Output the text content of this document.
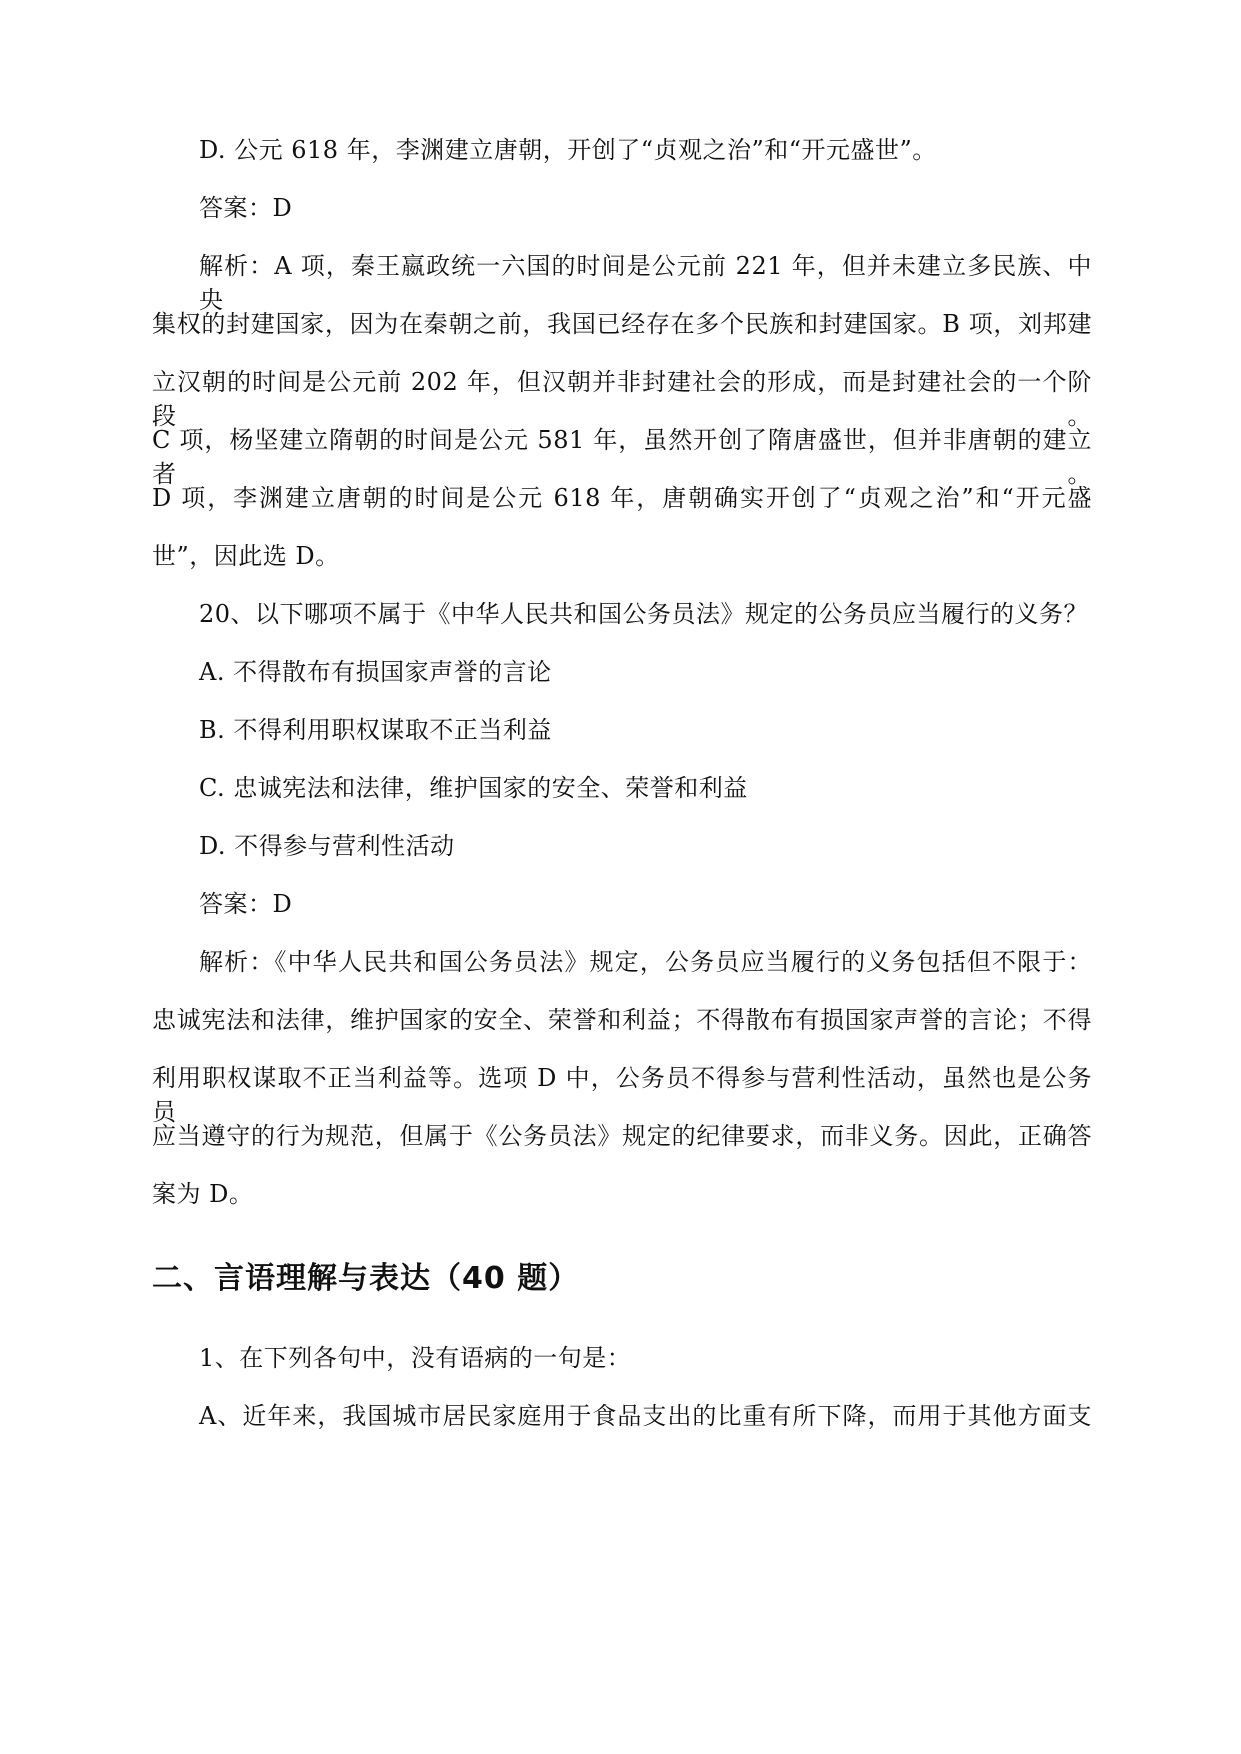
D. 公元 618 年，李渊建立唐朝，开创了“贞观之治”和“开元盛世”。
答案：D
解析：A 项，秦王嬴政统一六国的时间是公元前 221 年，但并未建立多民族、中央
集权的封建国家，因为在秦朝之前，我国已经存在多个民族和封建国家。B 项，刘邦建
立汉朝的时间是公元前 202 年，但汉朝并非封建社会的形成，而是封建社会的一个阶段。
C 项，杨坚建立隋朝的时间是公元 581 年，虽然开创了隋唐盛世，但并非唐朝的建立者。
D 项，李渊建立唐朝的时间是公元 618 年，唐朝确实开创了“贞观之治”和“开元盛
世”，因此选 D。
20、以下哪项不属于《中华人民共和国公务员法》规定的公务员应当履行的义务？
A. 不得散布有损国家声誉的言论
B. 不得利用职权谋取不正当利益
C. 忠诚宪法和法律，维护国家的安全、荣誉和利益
D. 不得参与营利性活动
答案：D
解析：《中华人民共和国公务员法》规定，公务员应当履行的义务包括但不限于：
忠诚宪法和法律，维护国家的安全、荣誉和利益；不得散布有损国家声誉的言论；不得
利用职权谋取不正当利益等。选项 D 中，公务员不得参与营利性活动，虽然也是公务员
应当遵守的行为规范，但属于《公务员法》规定的纪律要求，而非义务。因此，正确答
案为 D。
二、言语理解与表达（40 题）
1、在下列各句中，没有语病的一句是：
A、近年来，我国城市居民家庭用于食品支出的比重有所下降，而用于其他方面支
